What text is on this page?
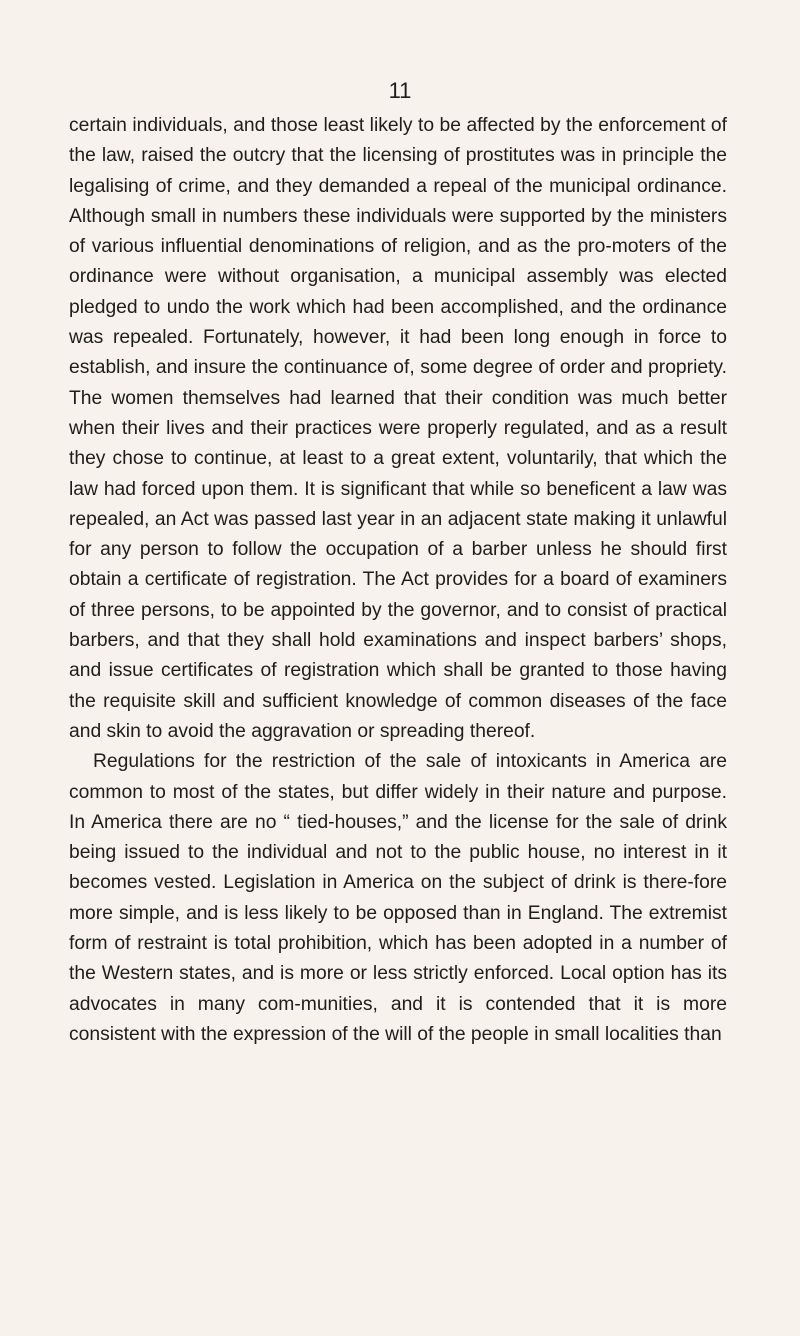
11

certain individuals, and those least likely to be affected by the enforcement of the law, raised the outcry that the licensing of prostitutes was in principle the legalising of crime, and they demanded a repeal of the municipal ordinance. Although small in numbers these individuals were supported by the ministers of various influential denominations of religion, and as the pro-moters of the ordinance were without organisation, a municipal assembly was elected pledged to undo the work which had been accomplished, and the ordinance was repealed. Fortunately, however, it had been long enough in force to establish, and insure the continuance of, some degree of order and propriety. The women themselves had learned that their condition was much better when their lives and their practices were properly regulated, and as a result they chose to continue, at least to a great extent, voluntarily, that which the law had forced upon them. It is significant that while so beneficent a law was repealed, an Act was passed last year in an adjacent state making it unlawful for any person to follow the occupation of a barber unless he should first obtain a certificate of registration. The Act provides for a board of examiners of three persons, to be appointed by the governor, and to consist of practical barbers, and that they shall hold examinations and inspect barbers’ shops, and issue certificates of registration which shall be granted to those having the requisite skill and sufficient knowledge of common diseases of the face and skin to avoid the aggravation or spreading thereof.

Regulations for the restriction of the sale of intoxicants in America are common to most of the states, but differ widely in their nature and purpose. In America there are no “ tied-houses,” and the license for the sale of drink being issued to the individual and not to the public house, no interest in it becomes vested. Legislation in America on the subject of drink is there-fore more simple, and is less likely to be opposed than in England. The extremist form of restraint is total prohibition, which has been adopted in a number of the Western states, and is more or less strictly enforced. Local option has its advocates in many com-munities, and it is contended that it is more consistent with the expression of the will of the people in small localities than
